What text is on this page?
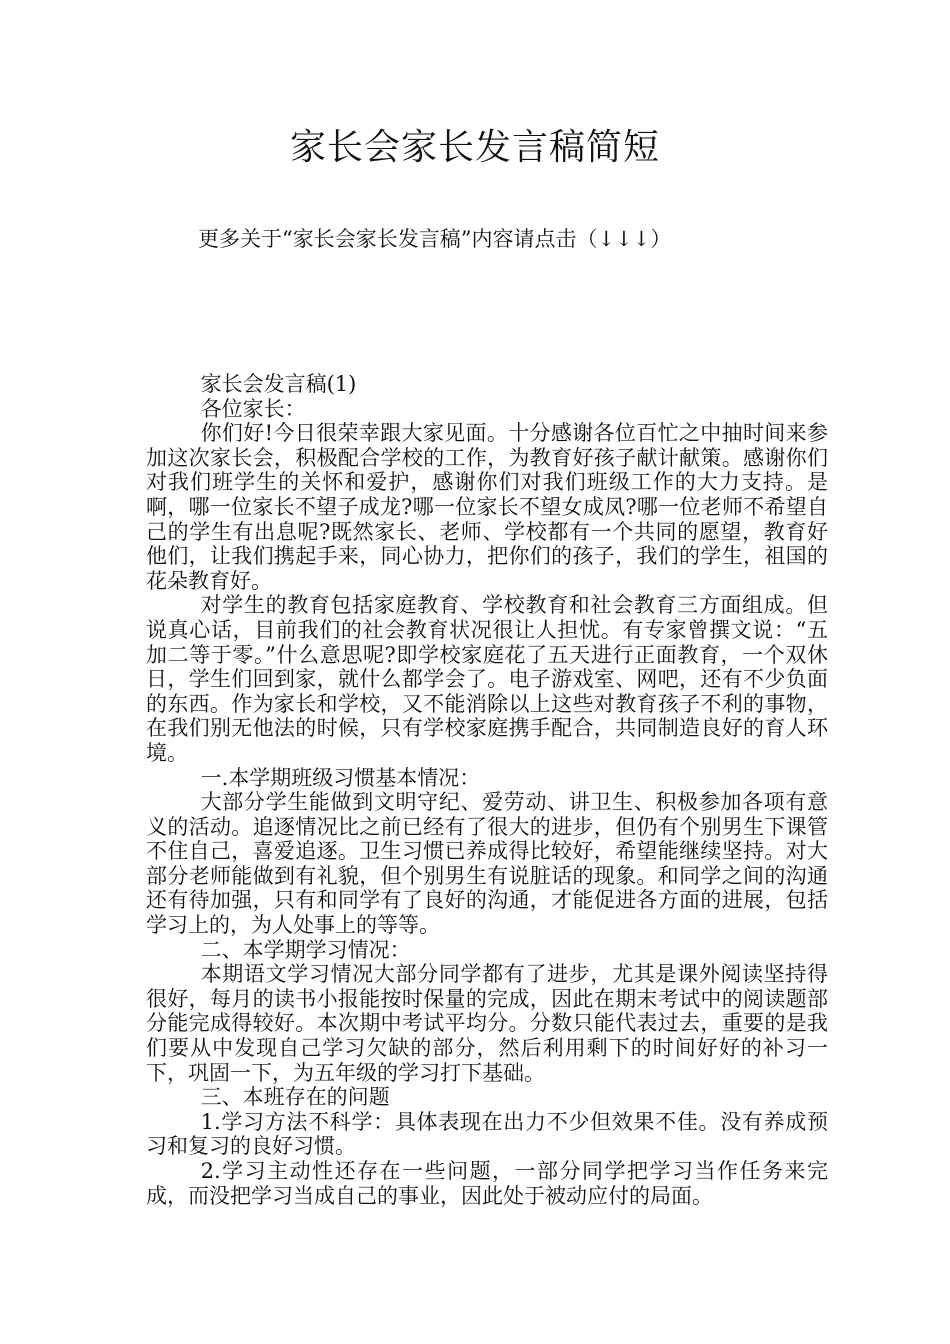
家长会家长发言稿简短
更多关于“家长会家长发言稿”内容请点击（↓↓↓）

家长会发言稿(1)

各位家长：

你们好!今日很荣幸跟大家见面。十分感谢各位百忙之中抽时间来参加这次家长会，积极配合学校的工作，为教育好孩子献计献策。感谢你们对我们班学生的关怀和爱护，感谢你们对我们班级工作的大力支持。是啊，哪一位家长不望子成龙?哪一位家长不望女成凤?哪一位老师不希望自己的学生有出息呢?既然家长、老师、学校都有一个共同的愿望，教育好他们，让我们携起手来，同心协力，把你们的孩子，我们的学生，祖国的花朵教育好。

对学生的教育包括家庭教育、学校教育和社会教育三方面组成。但说真心话，目前我们的社会教育状况很让人担忧。有专家曾撰文说：“五加二等于零。”什么意思呢?即学校家庭花了五天进行正面教育，一个双休日，学生们回到家，就什么都学会了。电子游戏室、网吧，还有不少负面的东西。作为家长和学校，又不能消除以上这些对教育孩子不利的事物，在我们别无他法的时候，只有学校家庭携手配合，共同制造良好的育人环境。

一.本学期班级习惯基本情况：

大部分学生能做到文明守纪、爱劳动、讲卫生、积极参加各项有意义的活动。追逐情况比之前已经有了很大的进步，但仍有个别男生下课管不住自己，喜爱追逐。卫生习惯已养成得比较好，希望能继续坚持。对大部分老师能做到有礼貌，但个别男生有说脏话的现象。和同学之间的沟通还有待加强，只有和同学有了良好的沟通，才能促进各方面的进展，包括学习上的，为人处事上的等等。

二、本学期学习情况：

本期语文学习情况大部分同学都有了进步，尤其是课外阅读坚持得很好，每月的读书小报能按时保量的完成，因此在期末考试中的阅读题部分能完成得较好。本次期中考试平均分。分数只能代表过去，重要的是我们要从中发现自己学习欠缺的部分，然后利用剩下的时间好好的补习一下，巩固一下，为五年级的学习打下基础。

三、本班存在的问题

1.学习方法不科学：具体表现在出力不少但效果不佳。没有养成预习和复习的良好习惯。

2.学习主动性还存在一些问题，一部分同学把学习当作任务来完成，而没把学习当成自己的事业，因此处于被动应付的局面。
